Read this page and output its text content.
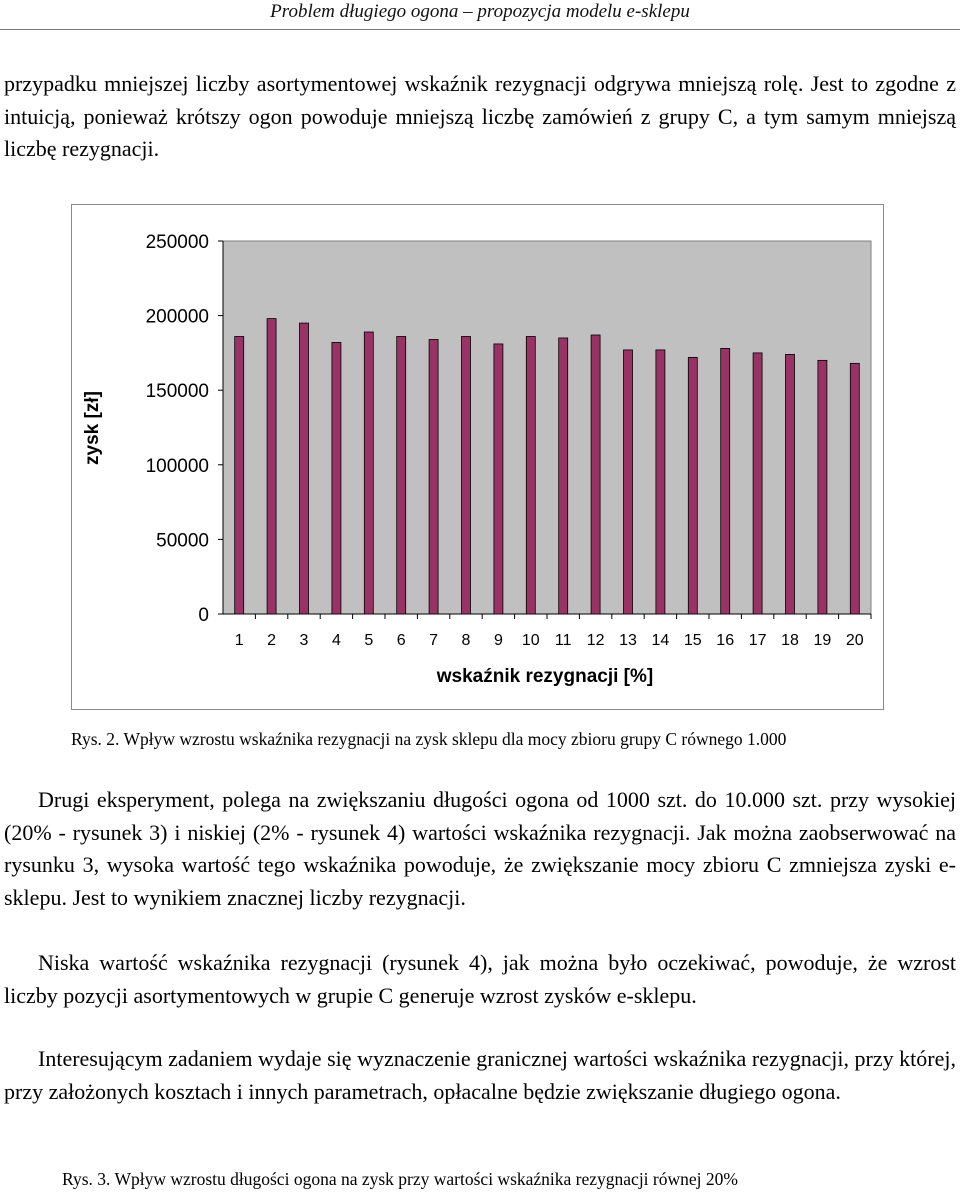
Problem długiego ogona – propozycja modelu e-sklepu

przypadku mniejszej liczby asortymentowej wskaźnik rezygnacji odgrywa mniejszą rolę. Jest to zgodne z intuicją, ponieważ krótszy ogon powoduje mniejszą liczbę zamówień z grupy C, a tym samym mniejszą liczbę rezygnacji.

0
50000
100000
150000
200000
250000
1 2 3 4 5 6 7 8 9 10 11 12 13 14 15 16 17 18 19 20
zysk [zł]
wskaźnik rezygnacji [%]
Rys. 2. Wpływ wzrostu wskaźnika rezygnacji na zysk sklepu dla mocy zbioru grupy C równego 1.000

Drugi eksperyment, polega na zwiększaniu długości ogona od 1000 szt. do 10.000 szt. przy wysokiej (20% - rysunek 3) i niskiej (2% - rysunek 4) wartości wskaźnika rezygnacji. Jak można zaobserwować na rysunku 3, wysoka wartość tego wskaźnika powoduje, że zwiększanie mocy zbioru C zmniejsza zyski e-sklepu. Jest to wynikiem znacznej liczby rezygnacji.

Niska wartość wskaźnika rezygnacji (rysunek 4), jak można było oczekiwać, powoduje, że wzrost liczby pozycji asortymentowych w grupie C generuje wzrost zysków e-sklepu.

Interesującym zadaniem wydaje się wyznaczenie granicznej wartości wskaźnika rezygnacji, przy której, przy założonych kosztach i innych parametrach, opłacalne będzie zwiększanie długiego ogona.

Rys. 3. Wpływ wzrostu długości ogona na zysk przy wartości wskaźnika rezygnacji równej 20%
